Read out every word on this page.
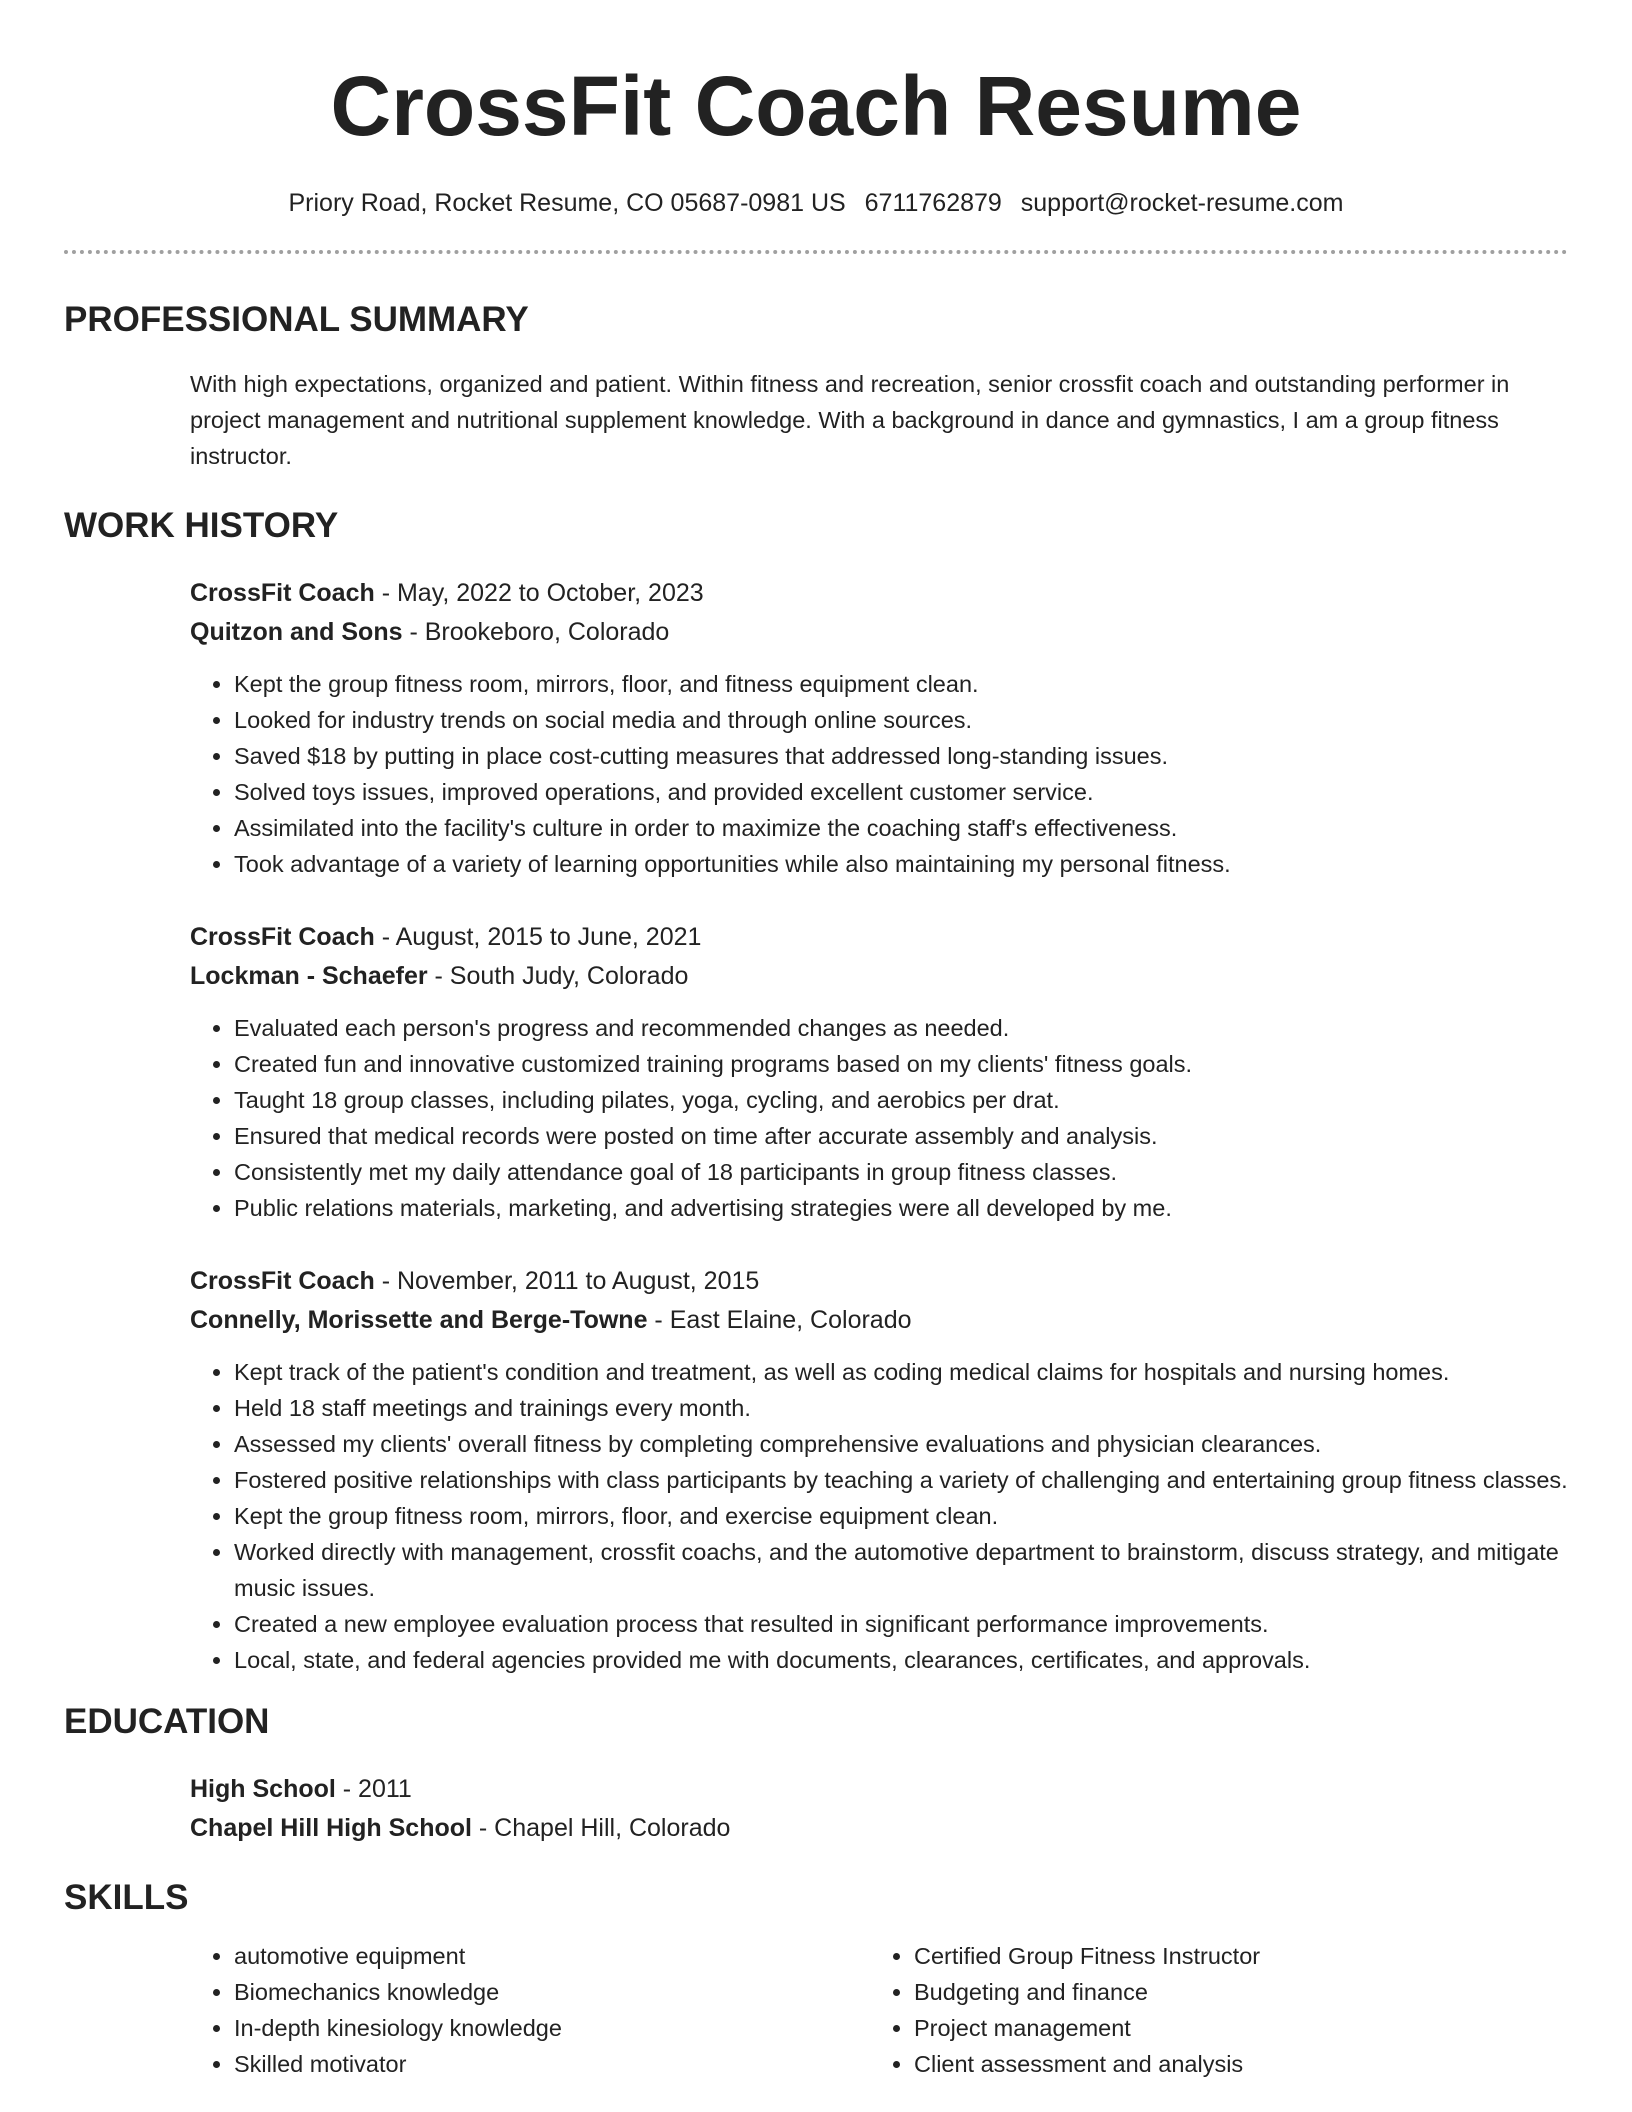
CrossFit Coach Resume
Priory Road, Rocket Resume, CO 05687-0981 US 6711762879 support@rocket-resume.com
PROFESSIONAL SUMMARY
With high expectations, organized and patient. Within fitness and recreation, senior crossfit coach and outstanding performer in project management and nutritional supplement knowledge. With a background in dance and gymnastics, I am a group fitness instructor.
WORK HISTORY
CrossFit Coach - May, 2022 to October, 2023
Quitzon and Sons - Brookeboro, Colorado
• Kept the group fitness room, mirrors, floor, and fitness equipment clean.
• Looked for industry trends on social media and through online sources.
• Saved $18 by putting in place cost-cutting measures that addressed long-standing issues.
• Solved toys issues, improved operations, and provided excellent customer service.
• Assimilated into the facility's culture in order to maximize the coaching staff's effectiveness.
• Took advantage of a variety of learning opportunities while also maintaining my personal fitness.
CrossFit Coach - August, 2015 to June, 2021
Lockman - Schaefer - South Judy, Colorado
• Evaluated each person's progress and recommended changes as needed.
• Created fun and innovative customized training programs based on my clients' fitness goals.
• Taught 18 group classes, including pilates, yoga, cycling, and aerobics per drat.
• Ensured that medical records were posted on time after accurate assembly and analysis.
• Consistently met my daily attendance goal of 18 participants in group fitness classes.
• Public relations materials, marketing, and advertising strategies were all developed by me.
CrossFit Coach - November, 2011 to August, 2015
Connelly, Morissette and Berge-Towne - East Elaine, Colorado
• Kept track of the patient's condition and treatment, as well as coding medical claims for hospitals and nursing homes.
• Held 18 staff meetings and trainings every month.
• Assessed my clients' overall fitness by completing comprehensive evaluations and physician clearances.
• Fostered positive relationships with class participants by teaching a variety of challenging and entertaining group fitness classes.
• Kept the group fitness room, mirrors, floor, and exercise equipment clean.
• Worked directly with management, crossfit coachs, and the automotive department to brainstorm, discuss strategy, and mitigate music issues.
• Created a new employee evaluation process that resulted in significant performance improvements.
• Local, state, and federal agencies provided me with documents, clearances, certificates, and approvals.
EDUCATION
High School - 2011
Chapel Hill High School - Chapel Hill, Colorado
SKILLS
• automotive equipment
• Biomechanics knowledge
• In-depth kinesiology knowledge
• Skilled motivator
• Certified Group Fitness Instructor
• Budgeting and finance
• Project management
• Client assessment and analysis
